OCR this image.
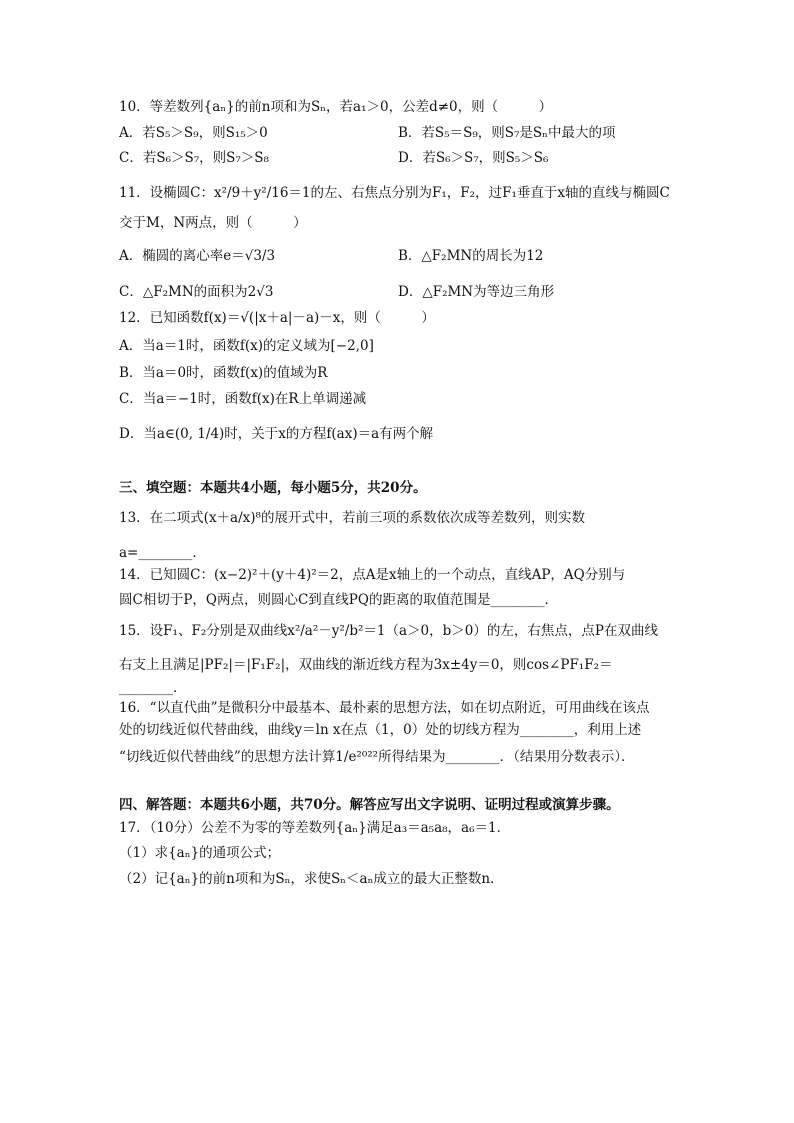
10．等差数列{aₙ}的前n项和为Sₙ，若a₁＞0，公差d≠0，则（　　　）
A．若S₅＞S₉，则S₁₅＞0	B．若S₅＝S₉，则S₇是Sₙ中最大的项
C．若S₆＞S₇，则S₇＞S₈	D．若S₆＞S₇，则S₅＞S₆
11．设椭圆C：x²/9＋y²/16＝1的左、右焦点分别为F₁，F₂，过F₁垂直于x轴的直线与椭圆C
交于M，N两点，则（　　　）
A．椭圆的离心率e＝√3/3	B．△F₂MN的周长为12
C．△F₂MN的面积为2√3	D．△F₂MN为等边三角形
12．已知函数f(x)＝√(|x＋a|－a)－x，则（　　　）
A．当a＝1时，函数f(x)的定义域为[−2,0]
B．当a＝0时，函数f(x)的值域为R
C．当a＝−1时，函数f(x)在R上单调递减
D．当a∈(0, 1/4)时，关于x的方程f(ax)＝a有两个解
三、填空题：本题共4小题，每小题5分，共20分。
13．在二项式(x＋a/x)⁸的展开式中，若前三项的系数依次成等差数列，则实数
a=________．
14．已知圆C：(x−2)²＋(y＋4)²＝2，点A是x轴上的一个动点，直线AP，AQ分别与
圆C相切于P，Q两点，则圆心C到直线PQ的距离的取值范围是________．
15．设F₁、F₂分别是双曲线x²/a²－y²/b²＝1（a＞0，b＞0）的左，右焦点，点P在双曲线
右支上且满足|PF₂|＝|F₁F₂|，双曲线的渐近线方程为3x±4y＝0，则cos∠PF₁F₂＝
________．
16．“以直代曲”是微积分中最基本、最朴素的思想方法，如在切点附近，可用曲线在该点
处的切线近似代替曲线，曲线y＝ln x在点（1，0）处的切线方程为________，利用上述
“切线近似代替曲线”的思想方法计算1/e²⁰²²所得结果为________．（结果用分数表示）．
四、解答题：本题共6小题，共70分。解答应写出文字说明、证明过程或演算步骤。
17．（10分）公差不为零的等差数列{aₙ}满足a₃＝a₅a₈，a₆＝1．
（1）求{aₙ}的通项公式；
（2）记{aₙ}的前n项和为Sₙ，求使Sₙ＜aₙ成立的最大正整数n．
